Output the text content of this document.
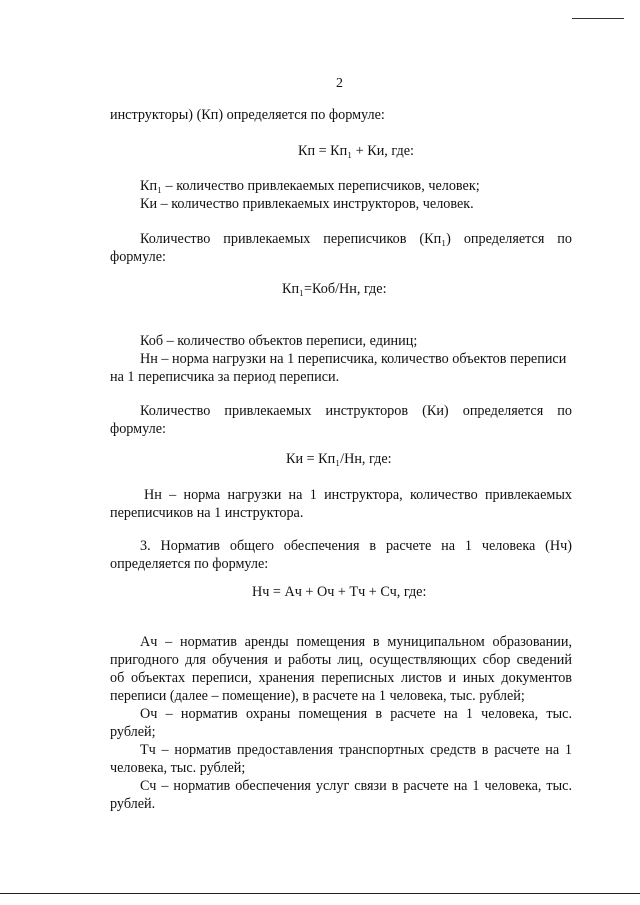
2
инструкторы) (Кп) определяется по формуле:
Кп = Кп₁ + Ки, где:
Кп₁ – количество привлекаемых переписчиков, человек;
Ки – количество привлекаемых инструкторов, человек.
Количество привлекаемых переписчиков (Кп₁) определяется по
формуле:
Кп₁=Коб/Нн, где:
Коб – количество объектов переписи, единиц;
Нн – норма нагрузки на 1 переписчика, количество объектов переписи
на 1 переписчика за период переписи.
Количество привлекаемых инструкторов (Ки) определяется по
формуле:
Ки = Кп₁/Нн, где:
Нн – норма нагрузки на 1 инструктора, количество привлекаемых
переписчиков на 1 инструктора.
3. Норматив общего обеспечения в расчете на 1 человека (Нч)
определяется по формуле:
Нч = Ач + Оч + Тч + Сч, где:
Ач – норматив аренды помещения в муниципальном образовании,
пригодного для обучения и работы лиц, осуществляющих сбор сведений
об объектах переписи, хранения переписных листов и иных документов
переписи (далее – помещение), в расчете на 1 человека, тыс. рублей;
Оч – норматив охраны помещения в расчете на 1 человека, тыс.
рублей;
Тч – норматив предоставления транспортных средств в расчете на 1
человека, тыс. рублей;
Сч – норматив обеспечения услуг связи в расчете на 1 человека, тыс.
рублей.
